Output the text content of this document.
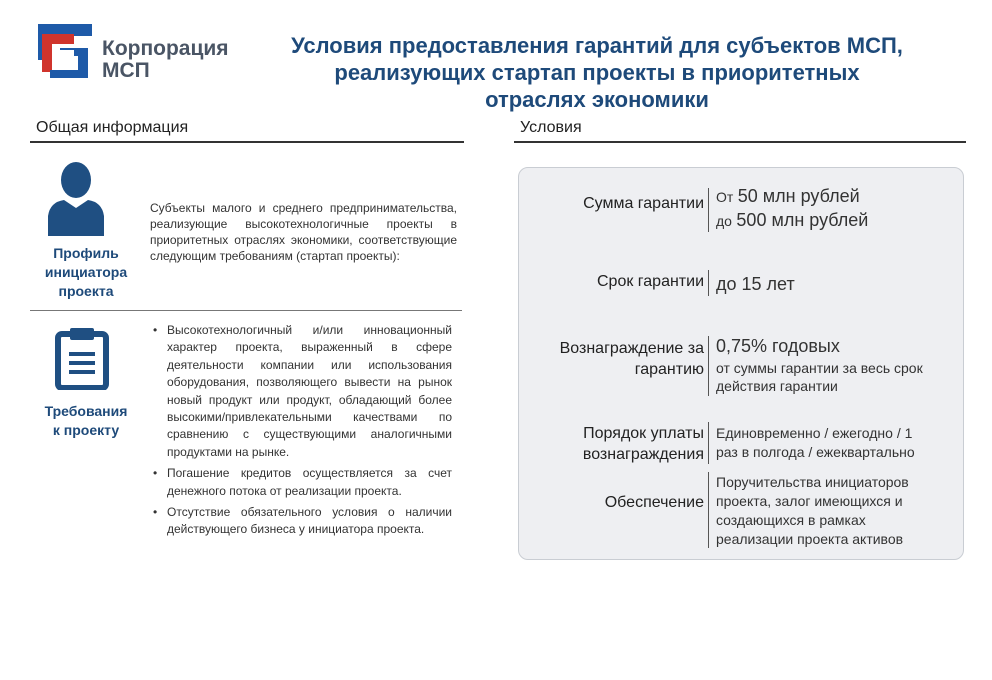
Корпорация
МСП
Условия предоставления гарантий для субъектов МСП,
реализующих стартап проекты в приоритетных
отраслях экономики
Общая информация
Профиль
инициатора
проекта
Субъекты малого и среднего предпринимательства, реализующие высокотехнологичные проекты в приоритетных отраслях экономики, соответствующие следующим требованиям (стартап проекты):
Требования
к проекту
• Высокотехнологичный и/или инновационный характер проекта, выраженный в сфере деятельности компании или использования оборудования, позволяющего вывести на рынок новый продукт или продукт, обладающий более высокими/привлекательными качествами по сравнению с существующими аналогичными продуктами на рынке.
• Погашение кредитов осуществляется за счет денежного потока от реализации проекта.
• Отсутствие обязательного условия о наличии действующего бизнеса у инициатора проекта.
Условия
Сумма гарантии От 50 млн рублей
до 500 млн рублей
Срок гарантии до 15 лет
Вознаграждение за
гарантию
0,75% годовых
от суммы гарантии за весь срок
действия гарантии
Порядок уплаты
вознаграждения
Единовременно / ежегодно / 1
раз в полгода / ежеквартально
Обеспечение
Поручительства инициаторов
проекта, залог имеющихся и
создающихся в рамках
реализации проекта активов
